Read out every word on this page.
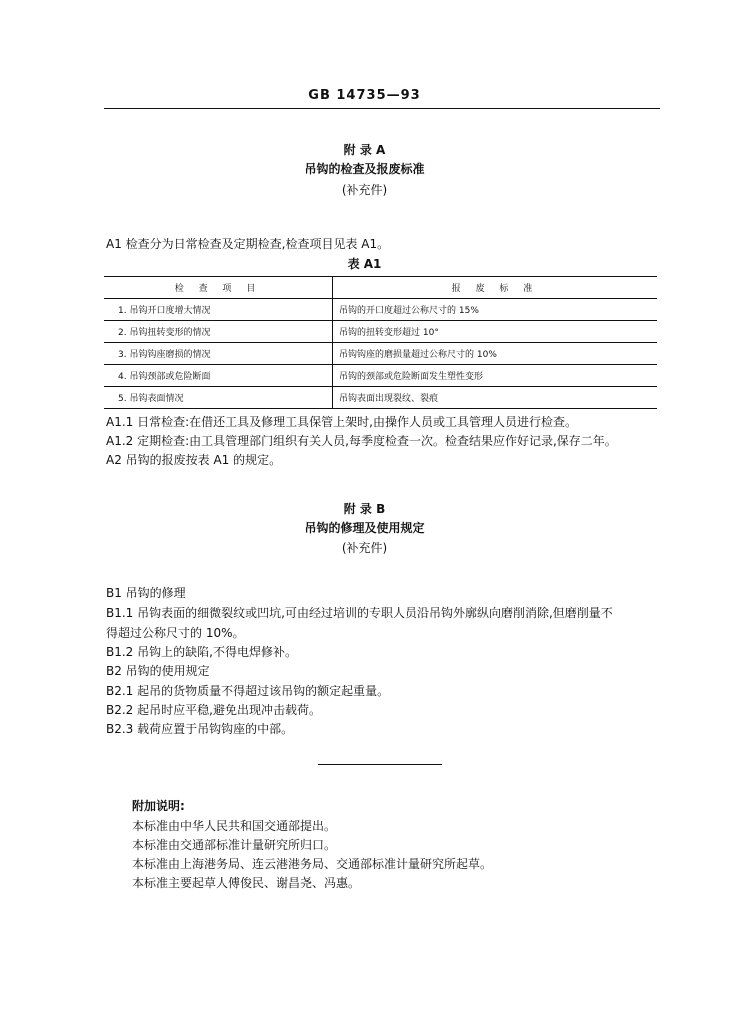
GB 14735—93
附 录 A
吊钩的检查及报废标准
(补充件)
A1 检查分为日常检查及定期检查,检查项目见表 A1。
表 A1
检 查 项 目	报 废 标 准
1. 吊钩开口度增大情况	吊钩的开口度超过公称尺寸的 15%
2. 吊钩扭转变形的情况	吊钩的扭转变形超过 10°
3. 吊钩钩座磨损的情况	吊钩钩座的磨损量超过公称尺寸的 10%
4. 吊钩颈部或危险断面	吊钩的颈部或危险断面发生塑性变形
5. 吊钩表面情况	吊钩表面出现裂纹、裂痕
A1.1 日常检查:在借还工具及修理工具保管上架时,由操作人员或工具管理人员进行检查。
A1.2 定期检查:由工具管理部门组织有关人员,每季度检查一次。检查结果应作好记录,保存二年。
A2 吊钩的报废按表 A1 的规定。
附 录 B
吊钩的修理及使用规定
(补充件)
B1 吊钩的修理
B1.1 吊钩表面的细微裂纹或凹坑,可由经过培训的专职人员沿吊钩外廓纵向磨削消除,但磨削量不
得超过公称尺寸的 10%。
B1.2 吊钩上的缺陷,不得电焊修补。
B2 吊钩的使用规定
B2.1 起吊的货物质量不得超过该吊钩的额定起重量。
B2.2 起吊时应平稳,避免出现冲击载荷。
B2.3 载荷应置于吊钩钩座的中部。
附加说明:
本标准由中华人民共和国交通部提出。
本标准由交通部标准计量研究所归口。
本标准由上海港务局、连云港港务局、交通部标准计量研究所起草。
本标准主要起草人傅俊民、谢昌尧、冯惠。
